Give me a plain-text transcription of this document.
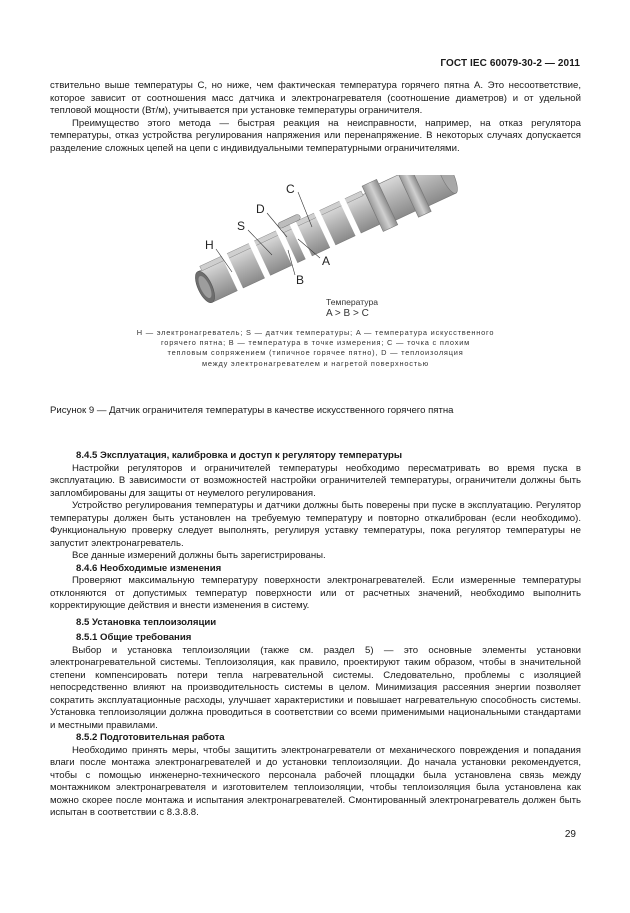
ГОСТ IEC 60079-30-2 — 2011

ствительно выше температуры С, но ниже, чем фактическая температура горячего пятна А. Это несоответствие, которое зависит от соотношения масс датчика и электронагревателя (соотношение диаметров) и от удельной тепловой мощности (Вт/м), учитывается при установке температуры ограничителя.

Преимущество этого метода — быстрая реакция на неисправности, например, на отказ регулятора температуры, отказ устройства регулирования напряжения или перенапряжение. В некоторых случаях допускается разделение сложных цепей на цепи с индивидуальными температурными ограничителями.

C
D
S
H
A
B
Температура
A > B > C
H — электронагреватель; S — датчик температуры; A — температура искусственного
горячего пятна; B — температура в точке измерения; C — точка с плохим
тепловым сопряжением (типичное горячее пятно), D — теплоизоляция
между электронагревателем и нагретой поверхностью
Рисунок 9 — Датчик ограничителя температуры в качестве искусственного горячего пятна

8.4.5 Эксплуатация, калибровка и доступ к регулятору температуры

Настройки регуляторов и ограничителей температуры необходимо пересматривать во время пуска в эксплуатацию. В зависимости от возможностей настройки ограничителей температуры, ограничители должны быть запломбированы для защиты от неумелого регулирования.

Устройство регулирования температуры и датчики должны быть поверены при пуске в эксплуатацию. Регулятор температуры должен быть установлен на требуемую температуру и повторно откалиброван (если необходимо). Функциональную проверку следует выполнять, регулируя уставку температуры, пока регулятор температуры не запустит электронагреватель.

Все данные измерений должны быть зарегистрированы.

8.4.6 Необходимые изменения

Проверяют максимальную температуру поверхности электронагревателей. Если измеренные температуры отклоняются от допустимых температур поверхности или от расчетных значений, необходимо выполнить корректирующие действия и внести изменения в систему.

8.5 Установка теплоизоляции

8.5.1 Общие требования

Выбор и установка теплоизоляции (также см. раздел 5) — это основные элементы установки электронагревательной системы. Теплоизоляция, как правило, проектируют таким образом, чтобы в значительной степени компенсировать потери тепла нагревательной системы. Следовательно, проблемы с изоляцией непосредственно влияют на производительность системы в целом. Минимизация рассеяния энергии позволяет сократить эксплуатационные расходы, улучшает характеристики и повышает нагревательную способность системы. Установка теплоизоляции должна проводиться в соответствии со всеми применимыми национальными стандартами и местными правилами.

8.5.2 Подготовительная работа

Необходимо принять меры, чтобы защитить электронагреватели от механического повреждения и попадания влаги после монтажа электронагревателей и до установки теплоизоляции. До начала установки рекомендуется, чтобы с помощью инженерно-технического персонала рабочей площадки была установлена связь между монтажником электронагревателя и изготовителем теплоизоляции, чтобы теплоизоляция была установлена как можно скорее после монтажа и испытания электронагревателей. Смонтированный электронагреватель должен быть испытан в соответствии с 8.3.8.8.

29
